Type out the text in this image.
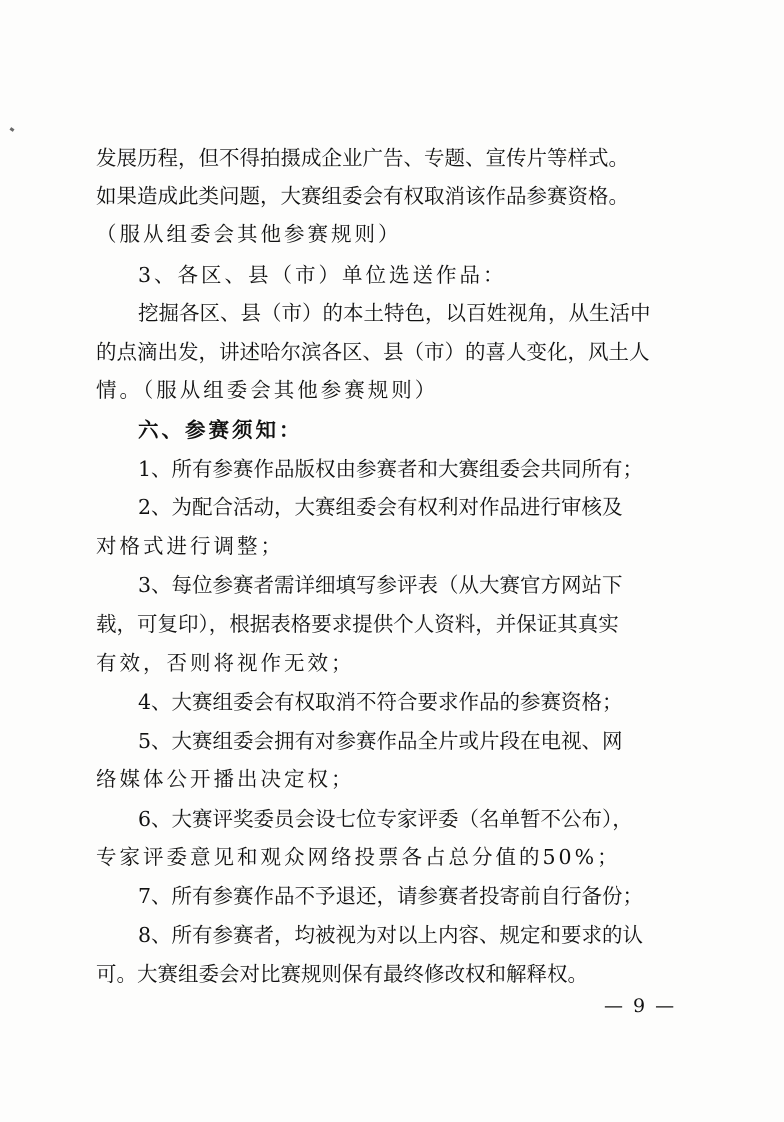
发展历程，但不得拍摄成企业广告、专题、宣传片等样式。
如果造成此类问题，大赛组委会有权取消该作品参赛资格。
（服从组委会其他参赛规则）
3、各区、县（市）单位选送作品：
挖掘各区、县（市）的本土特色，以百姓视角，从生活中
的点滴出发，讲述哈尔滨各区、县（市）的喜人变化，风土人
情。（服从组委会其他参赛规则）
六、参赛须知：
1、所有参赛作品版权由参赛者和大赛组委会共同所有；
2、为配合活动，大赛组委会有权利对作品进行审核及
对格式进行调整；
3、每位参赛者需详细填写参评表（从大赛官方网站下
载，可复印），根据表格要求提供个人资料，并保证其真实
有效，否则将视作无效；
4、大赛组委会有权取消不符合要求作品的参赛资格；
5、大赛组委会拥有对参赛作品全片或片段在电视、网
络媒体公开播出决定权；
6、大赛评奖委员会设七位专家评委（名单暂不公布），
专家评委意见和观众网络投票各占总分值的50%；
7、所有参赛作品不予退还，请参赛者投寄前自行备份；
8、所有参赛者，均被视为对以上内容、规定和要求的认
可。大赛组委会对比赛规则保有最终修改权和解释权。
— 9 —
